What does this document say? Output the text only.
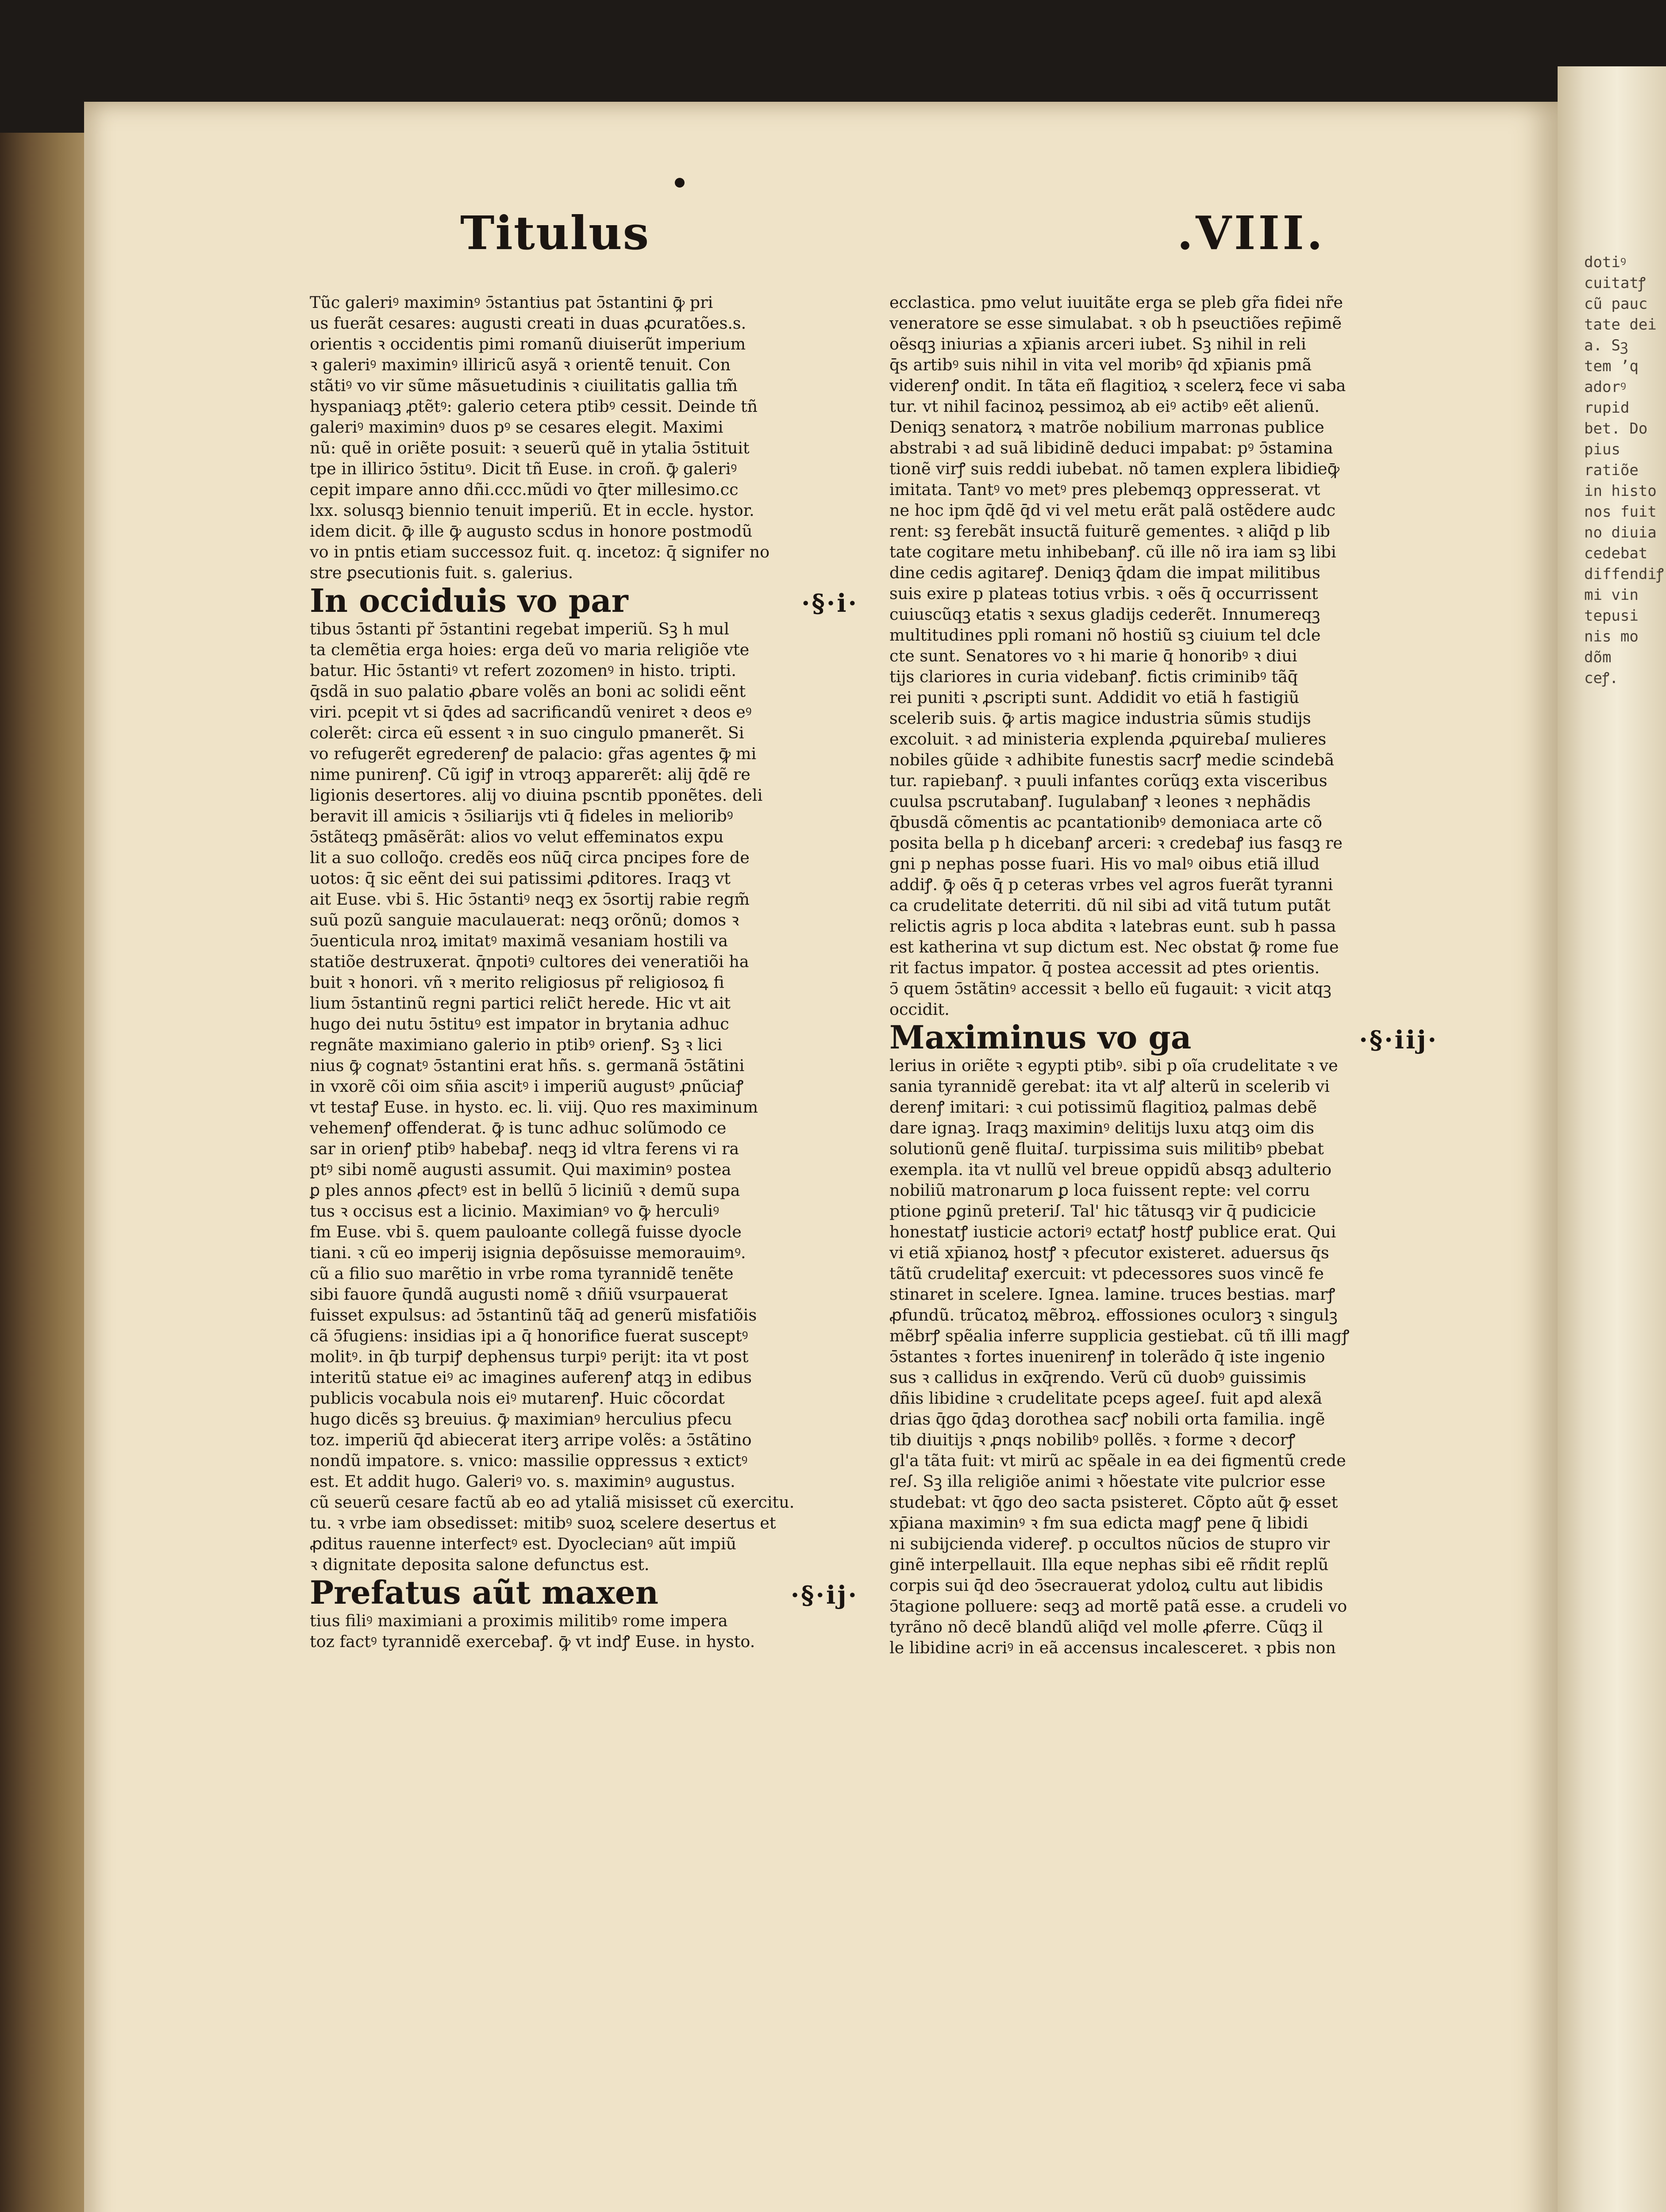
dotiꝰ
cuitatꝭ
cũ pauc
tate dei
a. Sꝫ
tem ʼq
adorꝰ
rupid
bet. Do
pius
ratiõe
in histo
nos fuit
no diuia
cedebat
diffendiꝭ
mi vin
tepusi
nis mo
dõm
ceꝭ.
Titulus	.VIII.
Tũc galeriꝰ maximinꝰ ↄ̄stantius pat ↄ̄stantini ꝙ̄ pri
us fuerãt cesares: augusti creati in duas ꝓcuratões.s.
orientis ꝛ occidentis pimi romanũ diuiserũt imperium
ꝛ galeriꝰ maximinꝰ illiricũ asyã ꝛ orientẽ tenuit. Con
stãtiꝰ vo vir sũme mãsuetudinis ꝛ ciuilitatis gallia tm̃
hyspaniaqꝫ ꝓtẽtꝰ: galerio cetera ptibꝰ cessit. Deinde tñ
galeriꝰ maximinꝰ duos pꝰ se cesares elegit. Maximi
nũ: quẽ in oriẽte posuit: ꝛ seuerũ quẽ in ytalia ↄ̄stituit
tpe in illirico ↄ̄stituꝰ. Dicit tñ Euse. in croñ. ꝙ̄ galeriꝰ
cepit impare anno dñi.ccc.mũdi vo q̄ter millesimo.cc
lxx. solusqꝫ biennio tenuit imperiũ. Et in eccle. hystor.
idem dicit. ꝙ̄ ille ꝙ̄ augusto scdus in honore postmodũ
vo in pntis etiam successoz fuit. q. incetoz: q̄ signifer no
stre ꝑsecutionis fuit. s. galerius.
In occiduis vo par	·§·i·
tibus ↄ̄stanti pr̃ ↄ̄stantini regebat imperiũ. Sꝫ h mul
ta clemẽtia erga hoies: erga deũ vo maria religiõe vte
batur. Hic ↄ̄stantiꝰ vt refert zozomenꝰ in histo. tripti.
q̄sdã in suo palatio ꝓbare volẽs an boni ac solidi eẽnt
viri. pcepit vt si q̄des ad sacrificandũ veniret ꝛ deos eꝰ
colerẽt: circa eũ essent ꝛ in suo cingulo pmanerẽt. Si
vo refugerẽt egrederenꝭ de palacio: gr̃as agentes ꝙ̄ mi
nime punirenꝭ. Cũ igiꝭ in vtroqꝫ apparerẽt: alij q̄dẽ re
ligionis desertores. alij vo diuina pscntib pponẽtes. deli
beravit ill amicis ꝛ ↄ̄siliarijs vti q̄ fideles in melioribꝰ
ↄ̄stãteqꝫ pmãsẽrãt: alios vo velut effeminatos expu
lit a suo colloq̃o. credẽs eos nũq̄ circa pncipes fore de
uotos: q̄ sic eẽnt dei sui patissimi ꝓditores. Iraqꝫ vt
ait Euse. vbi s̄. Hic ↄ̄stantiꝰ neqꝫ ex ↄ̄sortij rabie regm̃
suũ pozũ sanguie maculauerat: neqꝫ orõnũ; domos ꝛ
ↄ̄uenticula nroꝝ imitatꝰ maximã vesaniam hostili va
statiõe destruxerat. q̄npotiꝰ cultores dei veneratiõi ha
buit ꝛ honori. vñ ꝛ merito religiosus pr̃ religiosoꝝ fi
lium ↄ̄stantinũ regni partici relic̄t herede. Hic vt ait
hugo dei nutu ↄ̄stituꝰ est impator in brytania adhuc
regnãte maximiano galerio in ptibꝰ orienꝭ. Sꝫ ꝛ lici
nius ꝙ̄ cognatꝰ ↄ̄stantini erat hñs. s. germanã ↄ̄stãtini
in vxorẽ cõi oim sñia ascitꝰ i imperiũ augustꝰ ꝓnũciaꝭ
vt testaꝭ Euse. in hysto. ec. li. viij. Quo res maximinum
vehemenꝭ offenderat. ꝙ̄ is tunc adhuc solũmodo ce
sar in orienꝭ ptibꝰ habebaꝭ. neqꝫ id vltra ferens vi ra
ptꝰ sibi nomẽ augusti assumit. Qui maximinꝰ postea
ꝑ ples annos ꝓfectꝰ est in bellũ ↄ̄ liciniũ ꝛ demũ supa
tus ꝛ occisus est a licinio. Maximianꝰ vo ꝙ̄ herculiꝰ
fm Euse. vbi s̄. quem pauloante collegã fuisse dyocle
tiani. ꝛ cũ eo imperij isignia depõsuisse memorauimꝰ.
cũ a filio suo marẽtio in vrbe roma tyrannidẽ tenẽte
sibi fauore q̄undã augusti nomẽ ꝛ dñiũ vsurpauerat
fuisset expulsus: ad ↄ̄stantinũ tãq̄ ad generũ misfatiõis
cã ↄ̄fugiens: insidias ipi a q̄ honorifice fuerat susceptꝰ
molitꝰ. in q̄b turpiꝭ dephensus turpiꝰ perijt: ita vt post
interitũ statue eiꝰ ac imagines auferenꝭ atqꝫ in edibus
publicis vocabula nois eiꝰ mutarenꝭ. Huic cõcordat
hugo dicẽs sꝫ breuius. ꝙ̄ maximianꝰ herculius pfecu
toz. imperiũ q̄d abiecerat iterꝫ arripe volẽs: a ↄ̄stãtino
nondũ impatore. s. vnico: massilie oppressus ꝛ extictꝰ
est. Et addit hugo. Galeriꝰ vo. s. maximinꝰ augustus.
cũ seuerũ cesare factũ ab eo ad ytaliã misisset cũ exercitu.
tu. ꝛ vrbe iam obsedisset: mitibꝰ suoꝝ scelere desertus et
ꝓditus rauenne interfectꝰ est. Dyoclecianꝰ aũt impiũ
ꝛ dignitate deposita salone defunctus est.
Prefatus aũt maxen	·§·ij·
tius filiꝰ maximiani a proximis militibꝰ rome impera
toz factꝰ tyrannidẽ exercebaꝭ. ꝙ̄ vt indꝭ Euse. in hysto.
ecclastica. pmo velut iuuitãte erga se pleb gr̃a fidei nr̃e
veneratore se esse simulabat. ꝛ ob h pseuctiões rep̄imẽ
oẽsqꝫ iniurias a xp̄ianis arceri iubet. Sꝫ nihil in reli
q̄s artibꝰ suis nihil in vita vel moribꝰ q̄d xp̄ianis pmã
viderenꝭ ondit. In tãta eñ flagitioꝝ ꝛ scelerꝝ fece vi saba
tur. vt nihil facinoꝝ pessimoꝝ ab eiꝰ actibꝰ eẽt alienũ.
Deniqꝫ senatorꝝ ꝛ matrõe nobilium marronas publice
abstrabi ꝛ ad suã libidinẽ deduci impabat: pꝰ ↄ̄stamina
tionẽ virꝭ suis reddi iubebat. nõ tamen explera libidieꝙ̄
imitata. Tantꝰ vo metꝰ pres plebemqꝫ oppresserat. vt
ne hoc ipm q̄dẽ q̄d vi vel metu erãt palã ostẽdere audc
rent: sꝫ ferebãt insuctã fuiturẽ gementes. ꝛ aliq̄d p lib
tate cogitare metu inhibebanꝭ. cũ ille nõ ira iam sꝫ libi
dine cedis agitareꝭ. Deniqꝫ q̄dam die impat militibus
suis exire p plateas totius vrbis. ꝛ oẽs q̄ occurrissent
cuiuscũqꝫ etatis ꝛ sexus gladijs cederẽt. Innumereqꝫ
multitudines ppli romani nõ hostiũ sꝫ ciuium tel dcle
cte sunt. Senatores vo ꝛ hi marie q̄ honoribꝰ ꝛ diui
tijs clariores in curia videbanꝭ. fictis criminibꝰ tãq̄
rei puniti ꝛ ꝓscripti sunt. Addidit vo etiã h fastigiũ
scelerib suis. ꝙ̄ artis magice industria sũmis studijs
excoluit. ꝛ ad ministeria explenda ꝓquirebaꭍ mulieres
nobiles gũide ꝛ adhibite funestis sacrꝭ medie scindebã
tur. rapiebanꝭ. ꝛ puuli infantes corũqꝫ exta visceribus
cuulsa pscrutabanꝭ. Iugulabanꝭ ꝛ leones ꝛ nephãdis
q̄busdã cõmentis ac pcantationibꝰ demoniaca arte cõ
posita bella p h dicebanꝭ arceri: ꝛ credebaꝭ ius fasqꝫ re
gni p nephas posse fuari. His vo malꝰ oibus etiã illud
addiꝭ. ꝙ̄ oẽs q̄ p ceteras vrbes vel agros fuerãt tyranni
ca crudelitate deterriti. dũ nil sibi ad vitã tutum putãt
relictis agris p loca abdita ꝛ latebras eunt. sub h passa
est katherina vt sup dictum est. Nec obstat ꝙ̄ rome fue
rit factus impator. q̄ postea accessit ad ptes orientis.
ↄ̄ quem ↄ̄stãtinꝰ accessit ꝛ bello eũ fugauit: ꝛ vicit atqꝫ
occidit.
Maximinus vo ga	·§·iij·
lerius in oriẽte ꝛ egypti ptibꝰ. sibi p oĩa crudelitate ꝛ ve
sania tyrannidẽ gerebat: ita vt alꝭ alterũ in scelerib vi
derenꝭ imitari: ꝛ cui potissimũ flagitioꝝ palmas debẽ
dare ignaꝫ. Iraqꝫ maximinꝰ delitijs luxu atqꝫ oim dis
solutionũ genẽ fluitaꭍ. turpissima suis militibꝰ pbebat
exempla. ita vt nullũ vel breue oppidũ absqꝫ adulterio
nobiliũ matronarum ꝑ loca fuissent repte: vel corru
ptione ꝑginũ preteriꭍ. Tal' hic tãtusqꝫ vir q̄ pudicicie
honestatꝭ iusticie actoriꝰ ectatꝭ hostꝭ publice erat. Qui
vi etiã xp̄ianoꝝ hostꝭ ꝛ pfecutor existeret. aduersus q̄s
tãtũ crudelitaꝭ exercuit: vt pdecessores suos vincẽ fe
stinaret in scelere. Ignea. lamine. truces bestias. marꝭ
ꝓfundũ. trũcatoꝝ mẽbroꝝ. effossiones oculorꝫ ꝛ singulꝫ
mẽbrꝭ spẽalia inferre supplicia gestiebat. cũ tñ illi magꝭ
ↄ̄stantes ꝛ fortes inuenirenꝭ in tolerãdo q̄ iste ingenio
sus ꝛ callidus in exq̄rendo. Verũ cũ duobꝰ guissimis
dñis libidine ꝛ crudelitate pceps ageeꭍ. fuit apd alexã
drias q̄go q̄daꝫ dorothea sacꝭ nobili orta familia. ingẽ
tib diuitijs ꝛ ꝓnqs nobilibꝰ pollẽs. ꝛ forme ꝛ decorꝭ
gl'a tãta fuit: vt mirũ ac spẽale in ea dei figmentũ crede
reꭍ. Sꝫ illa religiõe animi ꝛ hõestate vite pulcrior esse
studebat: vt q̄go deo sacta psisteret. Cõpto aũt ꝙ̄ esset
xp̄iana maximinꝰ ꝛ fm sua edicta magꝭ pene q̄ libidi
ni subijcienda videreꝭ. p occultos nũcios de stupro vir
ginẽ interpellauit. Illa eque nephas sibi eẽ rñdit replũ
corpis sui q̄d deo ↄ̄secrauerat ydoloꝝ cultu aut libidis
ↄ̄tagione polluere: seqꝫ ad mortẽ patã esse. a crudeli vo
tyrãno nõ decẽ blandũ aliq̄d vel molle ꝓferre. Cũqꝫ il
le libidine acriꝰ in eã accensus incalesceret. ꝛ pbis non
